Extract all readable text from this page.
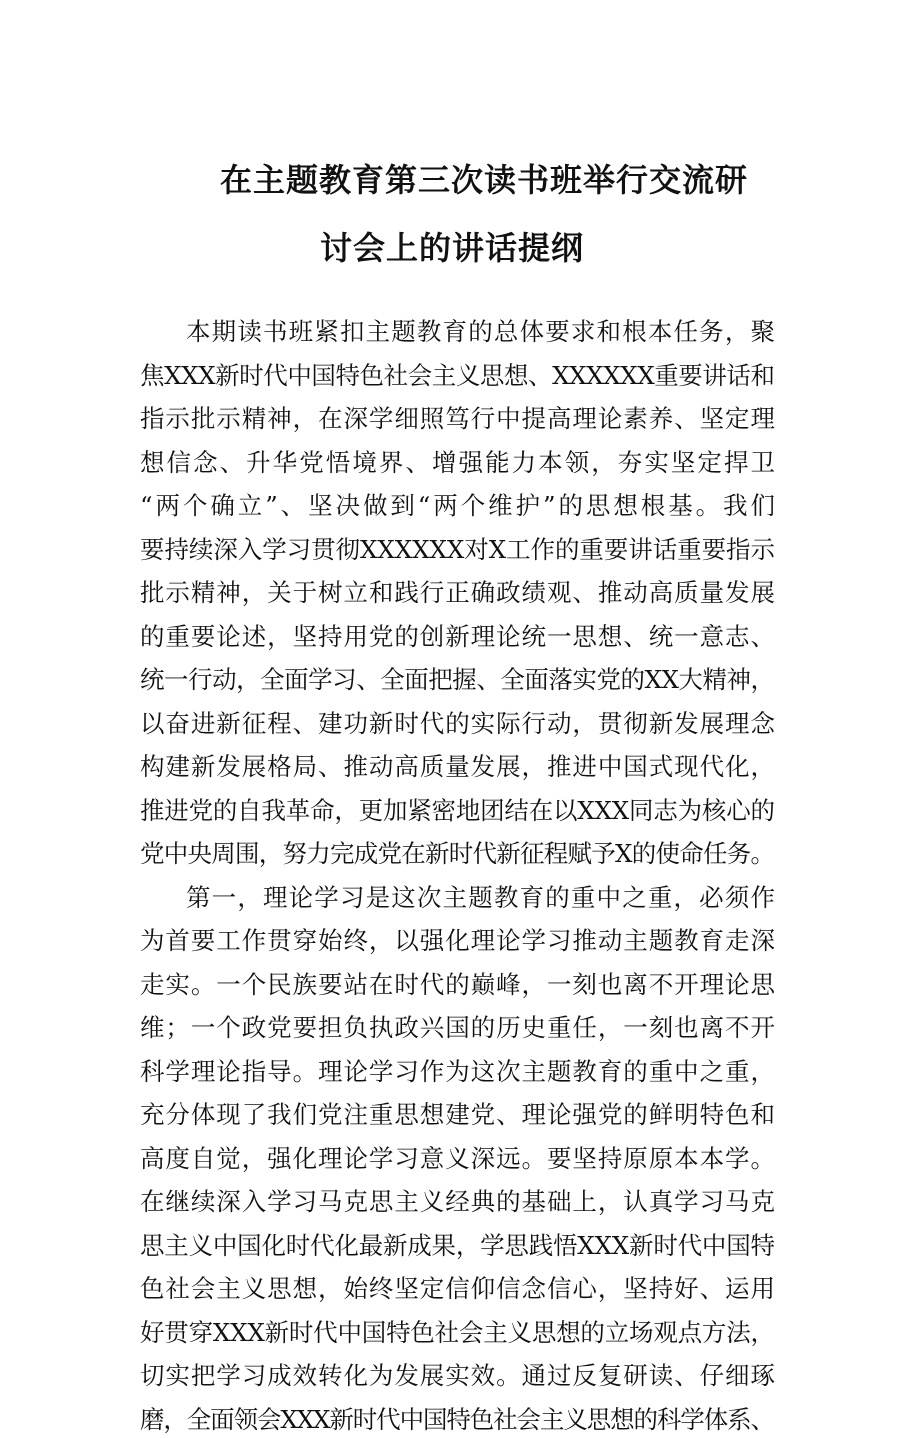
在主题教育第三次读书班举行交流研
讨会上的讲话提纲
本期读书班紧扣主题教育的总体要求和根本任务，聚
焦XXX新时代中国特色社会主义思想、XXXXXX重要讲话和
指示批示精神，在深学细照笃行中提高理论素养、坚定理
想信念、升华党悟境界、增强能力本领，夯实坚定捍卫
“两个确立”、坚决做到“两个维护”的思想根基。我们
要持续深入学习贯彻XXXXXX对X工作的重要讲话重要指示
批示精神，关于树立和践行正确政绩观、推动高质量发展
的重要论述，坚持用党的创新理论统一思想、统一意志、
统一行动，全面学习、全面把握、全面落实党的XX大精神，
以奋进新征程、建功新时代的实际行动，贯彻新发展理念
构建新发展格局、推动高质量发展，推进中国式现代化，
推进党的自我革命，更加紧密地团结在以XXX同志为核心的
党中央周围，努力完成党在新时代新征程赋予X的使命任务。
第一，理论学习是这次主题教育的重中之重，必须作
为首要工作贯穿始终，以强化理论学习推动主题教育走深
走实。一个民族要站在时代的巅峰，一刻也离不开理论思
维；一个政党要担负执政兴国的历史重任，一刻也离不开
科学理论指导。理论学习作为这次主题教育的重中之重，
充分体现了我们党注重思想建党、理论强党的鲜明特色和
高度自觉，强化理论学习意义深远。要坚持原原本本学。
在继续深入学习马克思主义经典的基础上，认真学习马克
思主义中国化时代化最新成果，学思践悟XXX新时代中国特
色社会主义思想，始终坚定信仰信念信心，坚持好、运用
好贯穿XXX新时代中国特色社会主义思想的立场观点方法，
切实把学习成效转化为发展实效。通过反复研读、仔细琢
磨，全面领会XXX新时代中国特色社会主义思想的科学体系、
